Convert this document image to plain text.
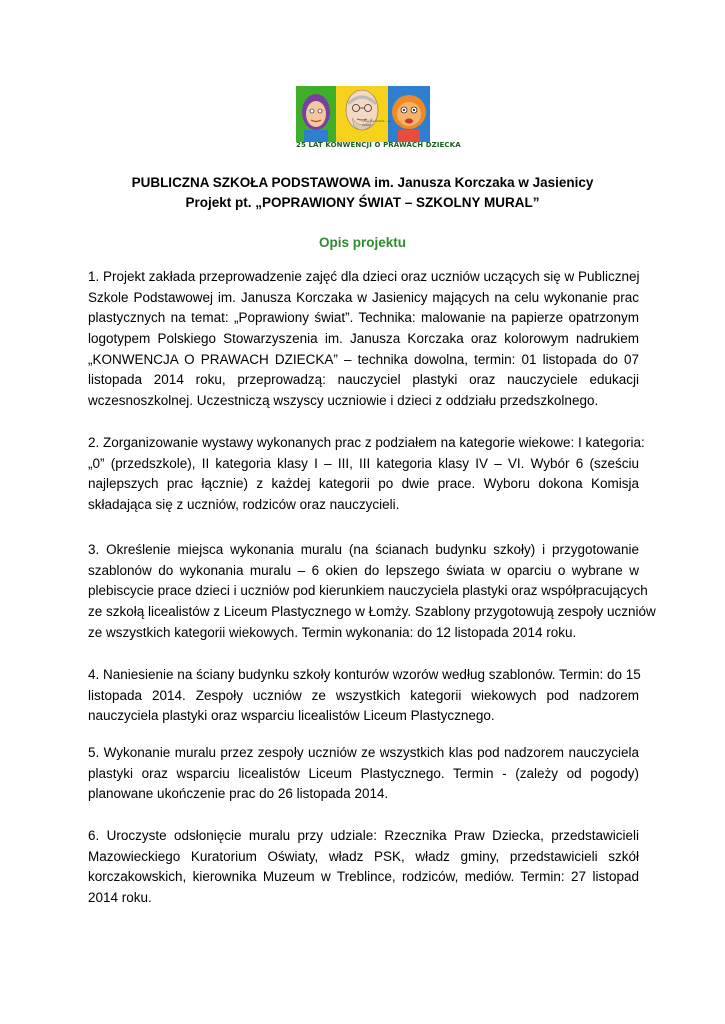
„Nie ma dzieci – są ludzie”
25 LAT KONWENCJI O PRAWACH DZIECKA
PUBLICZNA SZKOŁA PODSTAWOWA im. Janusza Korczaka w Jasienicy
Projekt pt. „POPRAWIONY ŚWIAT – SZKOLNY MURAL”
Opis projektu
1. Projekt zakłada przeprowadzenie zajęć dla dzieci oraz uczniów uczących się w Publicznej
Szkole Podstawowej im. Janusza Korczaka w Jasienicy mających na celu wykonanie prac
plastycznych na temat: „Poprawiony świat”. Technika: malowanie na papierze opatrzonym
logotypem Polskiego Stowarzyszenia im. Janusza Korczaka oraz kolorowym nadrukiem
„KONWENCJA O PRAWACH DZIECKA” – technika dowolna, termin: 01 listopada do 07
listopada 2014 roku, przeprowadzą: nauczyciel plastyki oraz nauczyciele edukacji
wczesnoszkolnej. Uczestniczą wszyscy uczniowie i dzieci z oddziału przedszkolnego.
2. Zorganizowanie wystawy wykonanych prac z podziałem na kategorie wiekowe: I kategoria:
„0” (przedszkole), II kategoria klasy I – III, III kategoria klasy IV – VI. Wybór 6 (sześciu
najlepszych prac łącznie) z każdej kategorii po dwie prace. Wyboru dokona Komisja
składająca się z uczniów, rodziców oraz nauczycieli.
3. Określenie miejsca wykonania muralu (na ścianach budynku szkoły) i przygotowanie
szablonów do wykonania muralu – 6 okien do lepszego świata w oparciu o wybrane w
plebiscycie prace dzieci i uczniów pod kierunkiem nauczyciela plastyki oraz współpracujących
ze szkołą licealistów z Liceum Plastycznego w Łomży. Szablony przygotowują zespoły uczniów
ze wszystkich kategorii wiekowych. Termin wykonania: do 12 listopada 2014 roku.
4. Naniesienie na ściany budynku szkoły konturów wzorów według szablonów. Termin: do 15
listopada 2014. Zespoły uczniów ze wszystkich kategorii wiekowych pod nadzorem
nauczyciela plastyki oraz wsparciu licealistów Liceum Plastycznego.
5. Wykonanie muralu przez zespoły uczniów ze wszystkich klas pod nadzorem nauczyciela
plastyki oraz wsparciu licealistów Liceum Plastycznego. Termin - (zależy od pogody)
planowane ukończenie prac do 26 listopada 2014.
6. Uroczyste odsłonięcie muralu przy udziale: Rzecznika Praw Dziecka, przedstawicieli
Mazowieckiego Kuratorium Oświaty, władz PSK, władz gminy, przedstawicieli szkół
korczakowskich, kierownika Muzeum w Treblince, rodziców, mediów. Termin: 27 listopad
2014 roku.
